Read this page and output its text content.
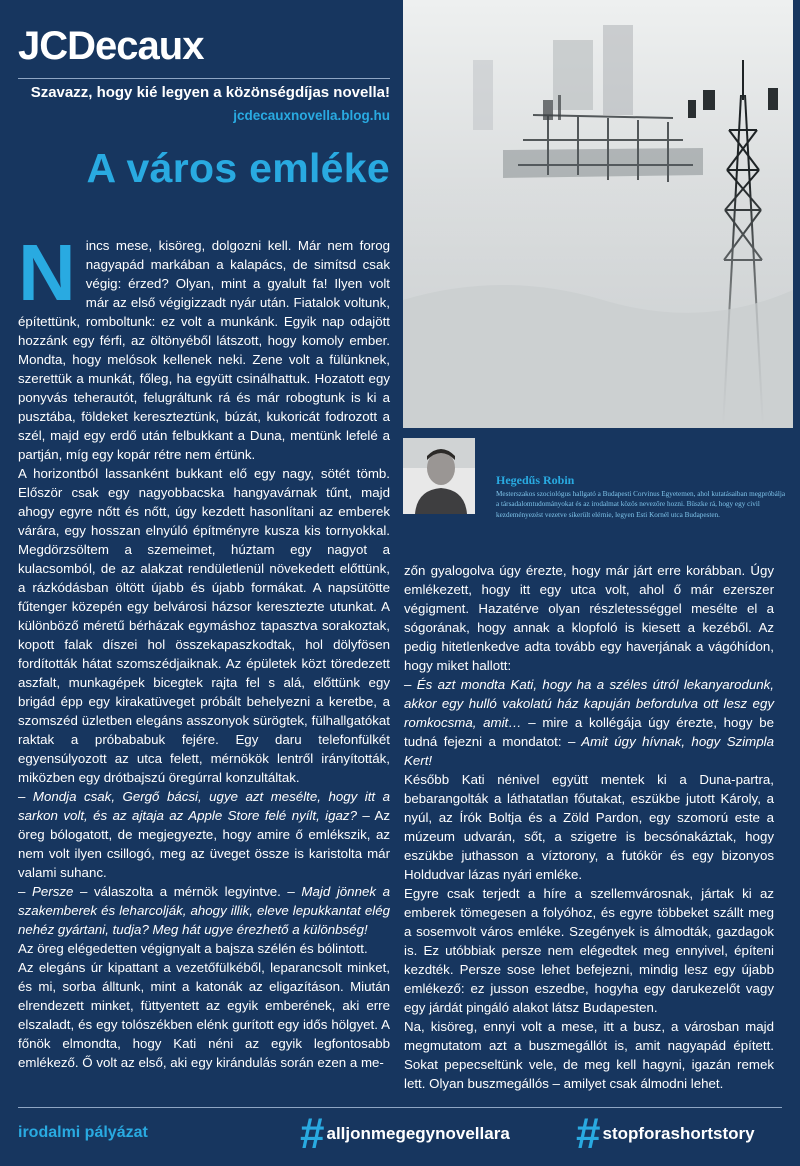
JCDecaux
Szavazz, hogy kié legyen a közönségdíjas novella!
jcdecauxnovella.blog.hu
A város emléke
Hegedűs Robin
Mesterszakos szociológus hallgató a Budapesti Corvinus Egyetemen, ahol kutatásaiban megpróbálja a társadalomtudományokat és az irodalmat közös nevezőre hozni. Büszke rá, hogy egy civil kezdeményezést vezetve sikerült elérnie, legyen Esti Kornél utca Budapesten.

Nincs mese, kisöreg, dolgozni kell. Már nem forog nagyapád markában a kalapács, de simítsd csak végig: érzed? Olyan, mint a gyalult fa! Ilyen volt már az első végigizzadt nyár után. Fiatalok voltunk, építettünk, romboltunk: ez volt a munkánk. Egyik nap odajött hozzánk egy férfi, az öltönyéből látszott, hogy komoly ember. Mondta, hogy melósok kellenek neki. Zene volt a fülünknek, szerettük a munkát, főleg, ha együtt csinálhattuk. Hozatott egy ponyvás teherautót, felugráltunk rá és már robogtunk is ki a pusztába, földeket kereszteztünk, búzát, kukoricát fodrozott a szél, majd egy erdő után felbukkant a Duna, mentünk lefelé a partján, míg egy kopár rétre nem értünk.

A horizontból lassanként bukkant elő egy nagy, sötét tömb. Először csak egy nagyobbacska hangyavárnak tűnt, majd ahogy egyre nőtt és nőtt, úgy kezdett hasonlítani az emberek várára, egy hosszan elnyúló építményre kusza kis tornyokkal. Megdörzsöltem a szemeimet, húztam egy nagyot a kulacsomból, de az alakzat rendületlenül növekedett előttünk, a rázkódásban öltött újabb és újabb formákat. A napsütötte fűtenger közepén egy belvárosi házsor keresztezte utunkat. A különböző méretű bérházak egymáshoz tapasztva sorakoztak, kopott falak díszei hol összekapaszkodtak, hol dölyfösen fordították hátat szomszédjaiknak. Az épületek közt töredezett aszfalt, munkagépek bicegtek rajta fel s alá, előttünk egy brigád épp egy kirakatüveget próbált behelyezni a keretbe, a szomszéd üzletben elegáns asszonyok sürögtek, fülhallgatókat raktak a próbababuk fejére. Egy daru telefonfülkét egyensúlyozott az utca felett, mérnökök lentről irányították, miközben egy drótbajszú öregúrral konzultáltak.

– Mondja csak, Gergő bácsi, ugye azt mesélte, hogy itt a sarkon volt, és az ajtaja az Apple Store felé nyílt, igaz? – Az öreg bólogatott, de megjegyezte, hogy amire ő emlékszik, az nem volt ilyen csillogó, meg az üveget össze is karistolta már valami suhanc.

– Persze – válaszolta a mérnök legyintve. – Majd jönnek a szakemberek és leharcolják, ahogy illik, eleve lepukkantat elég nehéz gyártani, tudja? Meg hát ugye érezhető a különbség!

Az öreg elégedetten végignyalt a bajsza szélén és bólintott.

Az elegáns úr kipattant a vezetőfülkéből, leparancsolt minket, és mi, sorba álltunk, mint a katonák az eligazításon. Miután elrendezett minket, füttyentett az egyik emberének, aki erre elszaladt, és egy tolószékben elénk gurított egy idős hölgyet. A főnök elmondta, hogy Kati néni az egyik legfontosabb emlékező. Ő volt az első, aki egy kirándulás során ezen a me-

zőn gyalogolva úgy érezte, hogy már járt erre korábban. Úgy emlékezett, hogy itt egy utca volt, ahol ő már ezerszer végigment. Hazatérve olyan részletességgel mesélte el a sógorának, hogy annak a klopfoló is kiesett a kezéből. Az pedig hitetlenkedve adta tovább egy haverjának a vágóhídon, hogy miket hallott:

– És azt mondta Kati, hogy ha a széles útról lekanyarodunk, akkor egy hulló vakolatú ház kapuján befordulva ott lesz egy romkocsma, amit… – mire a kollégája úgy érezte, hogy be tudná fejezni a mondatot: – Amit úgy hívnak, hogy Szimpla Kert!

Később Kati nénivel együtt mentek ki a Duna-partra, bebarangolták a láthatatlan főutakat, eszükbe jutott Károly, a nyúl, az Írók Boltja és a Zöld Pardon, egy szomorú este a múzeum udvarán, sőt, a szigetre is becsónakáztak, hogy eszükbe juthasson a víztorony, a futókör és egy bizonyos Holdudvar lázas nyári emléke.

Egyre csak terjedt a híre a szellemvárosnak, jártak ki az emberek tömegesen a folyóhoz, és egyre többeket szállt meg a sosemvolt város emléke. Szegények is álmodták, gazdagok is. Ez utóbbiak persze nem elégedtek meg ennyivel, építeni kezdték. Persze sose lehet befejezni, mindig lesz egy újabb emlékező: ez jusson eszedbe, hogyha egy darukezelőt vagy egy járdát pingáló alakot látsz Budapesten.

Na, kisöreg, ennyi volt a mese, itt a busz, a városban majd megmutatom azt a buszmegállót is, amit nagyapád épített. Sokat pepecseltünk vele, de meg kell hagyni, igazán remek lett. Olyan buszmegállós – amilyet csak álmodni lehet.

irodalmi pályázat	# alljonmegegynovellara # stopforashortstory
